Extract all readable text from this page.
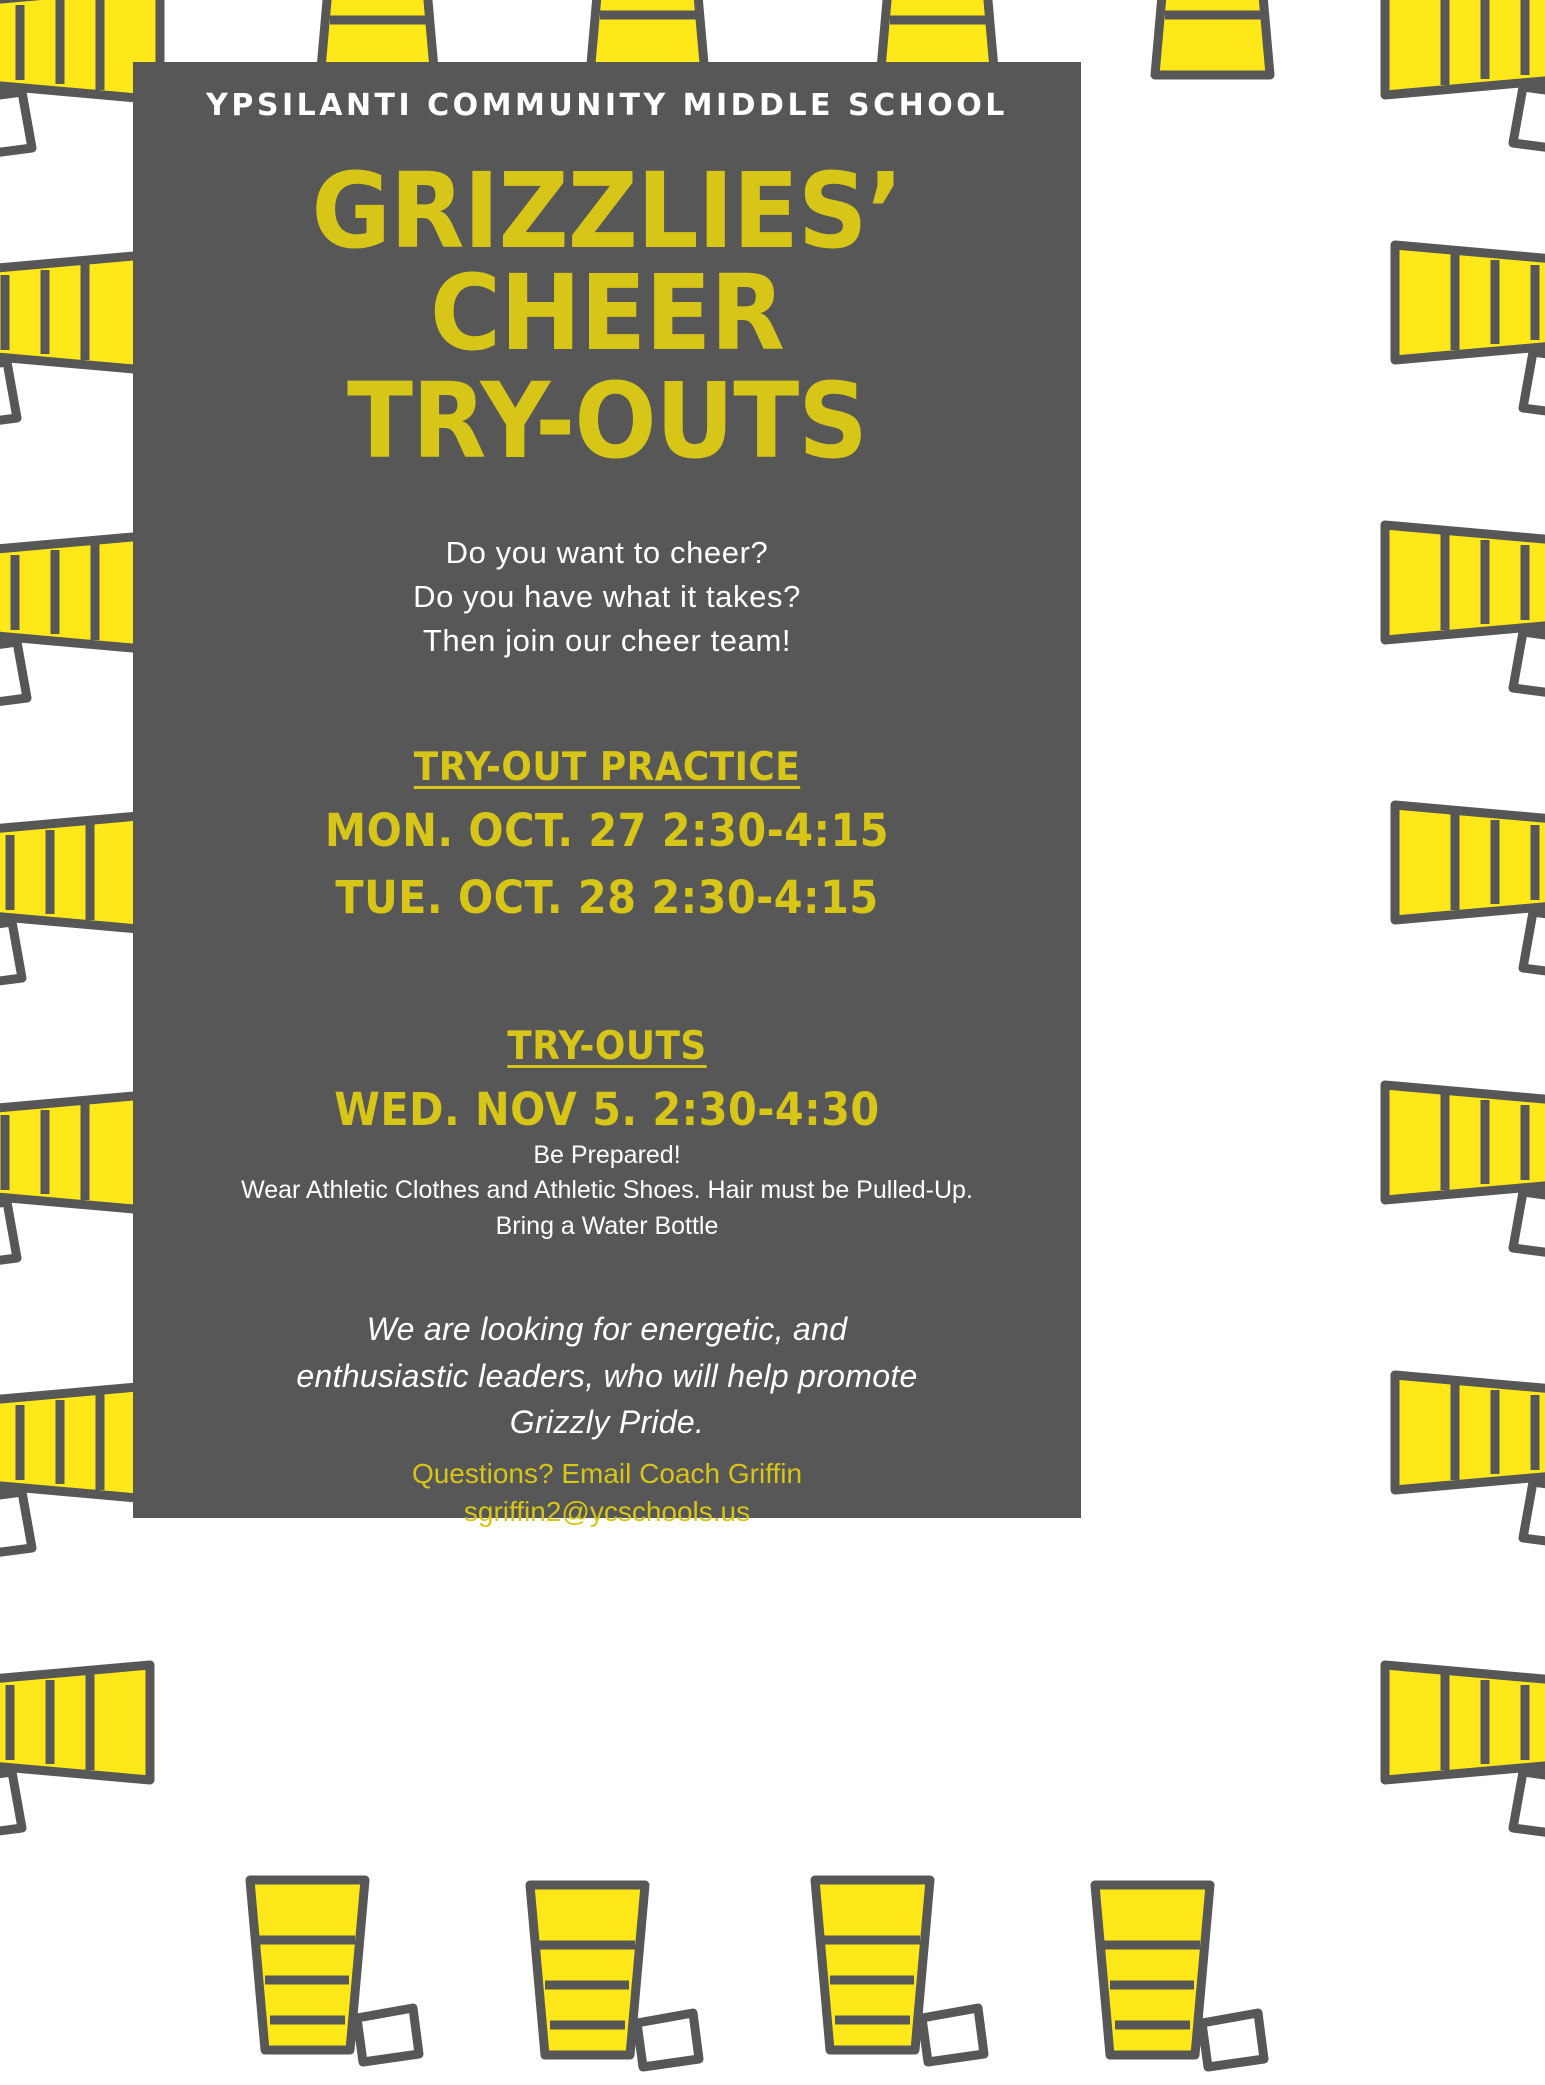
YPSILANTI COMMUNITY MIDDLE SCHOOL
GRIZZLIES’ CHEER
TRY-OUTS
Do you want to cheer?
Do you have what it takes?
Then join our cheer team!
TRY-OUT PRACTICE
MON. OCT. 27 2:30-4:15
TUE. OCT. 28 2:30-4:15
TRY-OUTS
WED. NOV 5. 2:30-4:30
Be Prepared!
Wear Athletic Clothes and Athletic Shoes. Hair must be Pulled-Up.
Bring a Water Bottle
We are looking for energetic, and
enthusiastic leaders, who will help promote
Grizzly Pride.
Questions? Email Coach Griffin
sgriffin2@ycschools.us
